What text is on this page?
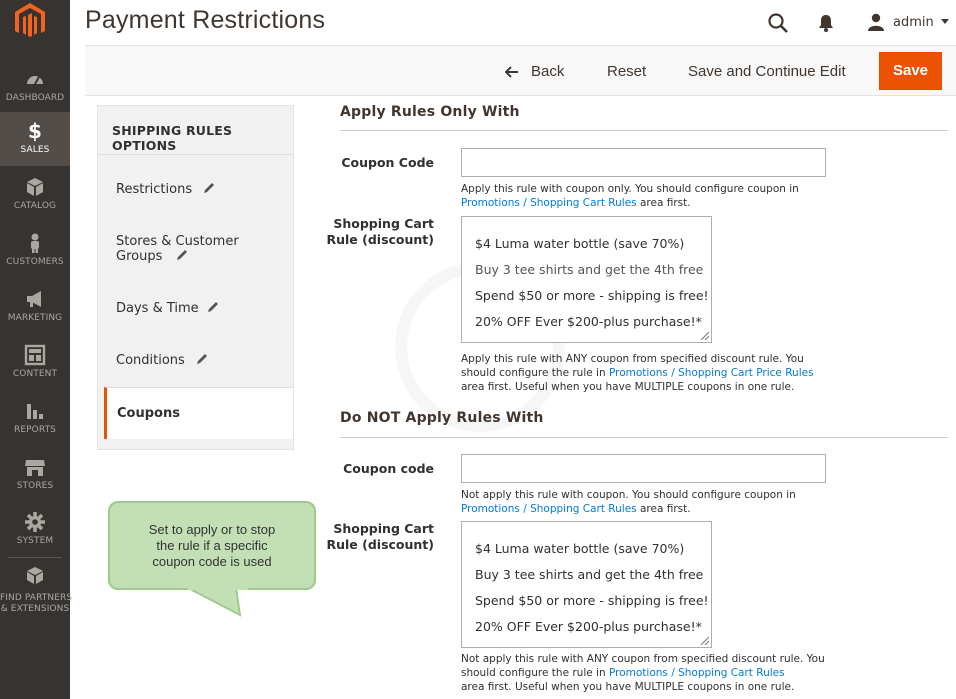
DASHBOARD
$
SALES
CATALOG
CUSTOMERS
MARKETING
CONTENT
REPORTS
STORES
SYSTEM
FIND PARTNERS
& EXTENSIONS
Payment Restrictions	admin
Back	Reset	Save and Continue Edit	Save
SHIPPING RULES OPTIONS
Restrictions
Stores & Customer
Groups
Days & Time
Conditions
Coupons
Apply Rules Only With
Coupon Code
Apply this rule with coupon only. You should configure coupon in
Promotions / Shopping Cart Rules area first.
Shopping Cart
Rule (discount)	$4 Luma water bottle (save 70%)
Buy 3 tee shirts and get the 4th free
Spend $50 or more - shipping is free!
20% OFF Ever $200-plus purchase!*
Apply this rule with ANY coupon from specified discount rule. You
should configure the rule in Promotions / Shopping Cart Price Rules
area first. Useful when you have MULTIPLE coupons in one rule.
Do NOT Apply Rules With
Coupon code
Not apply this rule with coupon. You should configure coupon in
Promotions / Shopping Cart Rules area first.
Shopping Cart
Rule (discount)	$4 Luma water bottle (save 70%)
Buy 3 tee shirts and get the 4th free
Spend $50 or more - shipping is free!
20% OFF Ever $200-plus purchase!*
Not apply this rule with ANY coupon from specified discount rule. You
should configure the rule in Promotions / Shopping Cart Rules
area first. Useful when you have MULTIPLE coupons in one rule.
Set to apply or to stop
the rule if a specific
coupon code is used
